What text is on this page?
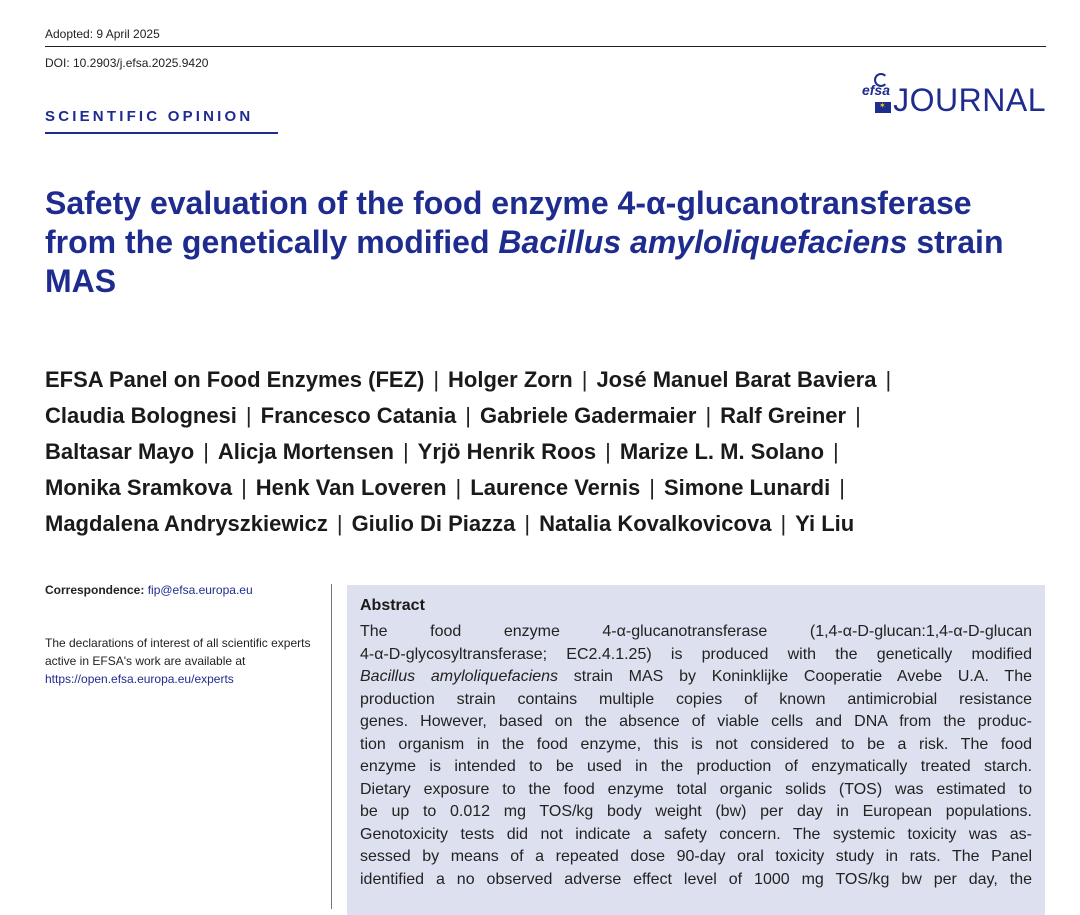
Adopted: 9 April 2025
DOI: 10.2903/j.efsa.2025.9420
SCIENTIFIC OPINION
efsa
✶ JOURNAL
Safety evaluation of the food enzyme 4-α-glucanotransferase from the genetically modified Bacillus amyloliquefaciens strain MAS
EFSA Panel on Food Enzymes (FEZ) | Holger Zorn | José Manuel Barat Baviera |
Claudia Bolognesi | Francesco Catania | Gabriele Gadermaier | Ralf Greiner |
Baltasar Mayo | Alicja Mortensen | Yrjö Henrik Roos | Marize L. M. Solano |
Monika Sramkova | Henk Van Loveren | Laurence Vernis | Simone Lunardi |
Magdalena Andryszkiewicz | Giulio Di Piazza | Natalia Kovalkovicova | Yi Liu
Correspondence: fip@efsa.europa.eu
The declarations of interest of all scientific experts active in EFSA's work are available at https://open.efsa.europa.eu/experts
Abstract
The food enzyme 4-α-glucanotransferase (1,4-α-D-glucan:1,4-α-D-glucan
4-α-D-glycosyltransferase; EC2.4.1.25) is produced with the genetically modified
Bacillus amyloliquefaciens strain MAS by Koninklijke Cooperatie Avebe U.A. The
production strain contains multiple copies of known antimicrobial resistance
genes. However, based on the absence of viable cells and DNA from the produc-
tion organism in the food enzyme, this is not considered to be a risk. The food
enzyme is intended to be used in the production of enzymatically treated starch.
Dietary exposure to the food enzyme total organic solids (TOS) was estimated to
be up to 0.012 mg TOS/kg body weight (bw) per day in European populations.
Genotoxicity tests did not indicate a safety concern. The systemic toxicity was as-
sessed by means of a repeated dose 90-day oral toxicity study in rats. The Panel
identified a no observed adverse effect level of 1000 mg TOS/kg bw per day, the
